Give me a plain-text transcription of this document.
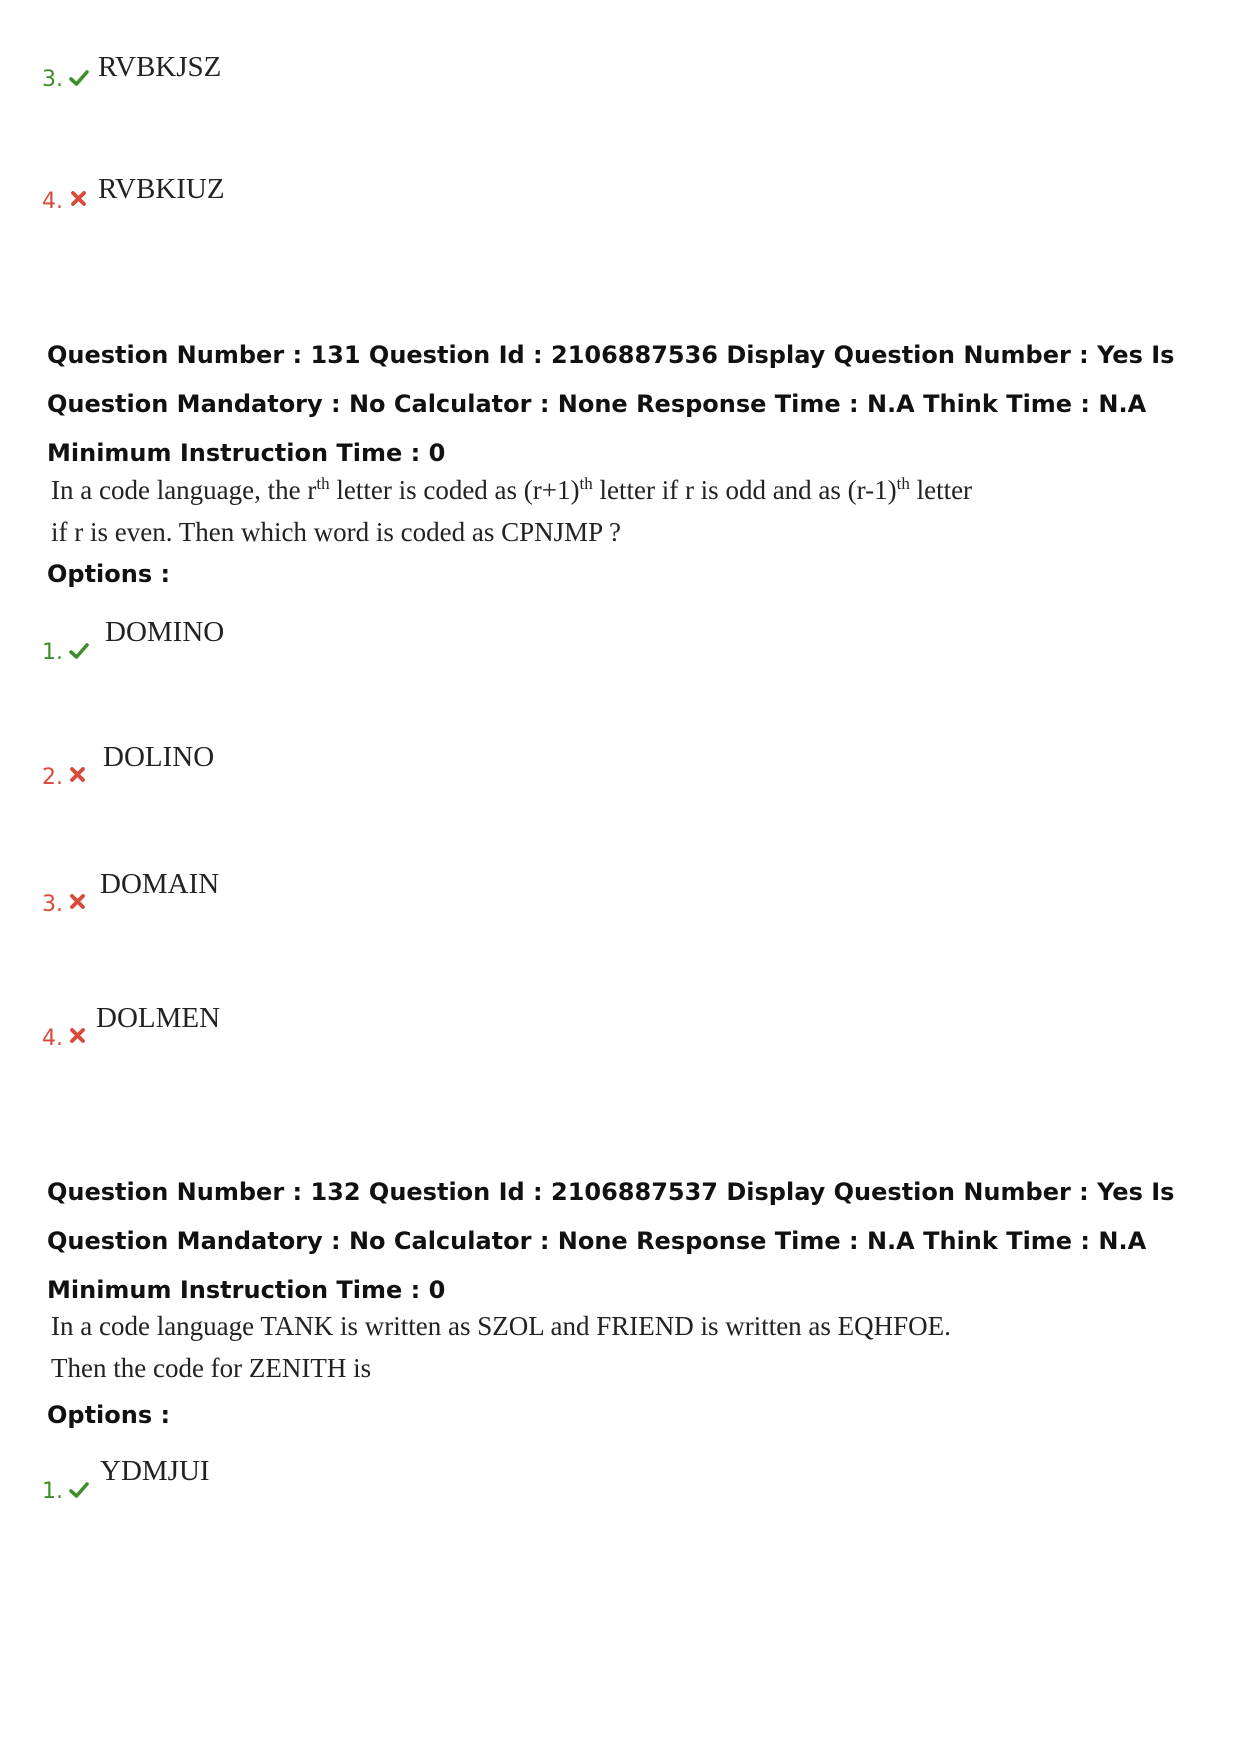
3. RVBKJSZ
4. RVBKIUZ
Question Number : 131 Question Id : 2106887536 Display Question Number : Yes Is Question Mandatory : No Calculator : None Response Time : N.A Think Time : N.A Minimum Instruction Time : 0
In a code language, the $r^{th}$ letter is coded as $(r+1)^{th}$ letter if r is odd and as $(r-1)^{th}$ letter
if r is even. Then which word is coded as CPNJMP ?
Options :
1.
DOMINO
2.
DOLINO
3.
DOMAIN
4.
DOLMEN
Question Number : 132 Question Id : 2106887537 Display Question Number : Yes Is Question Mandatory : No Calculator : None Response Time : N.A Think Time : N.A Minimum Instruction Time : 0
In a code language TANK is written as SZOL and FRIEND is written as EQHFOE.
Then the code for ZENITH is
Options :
1.
YDMJUI
